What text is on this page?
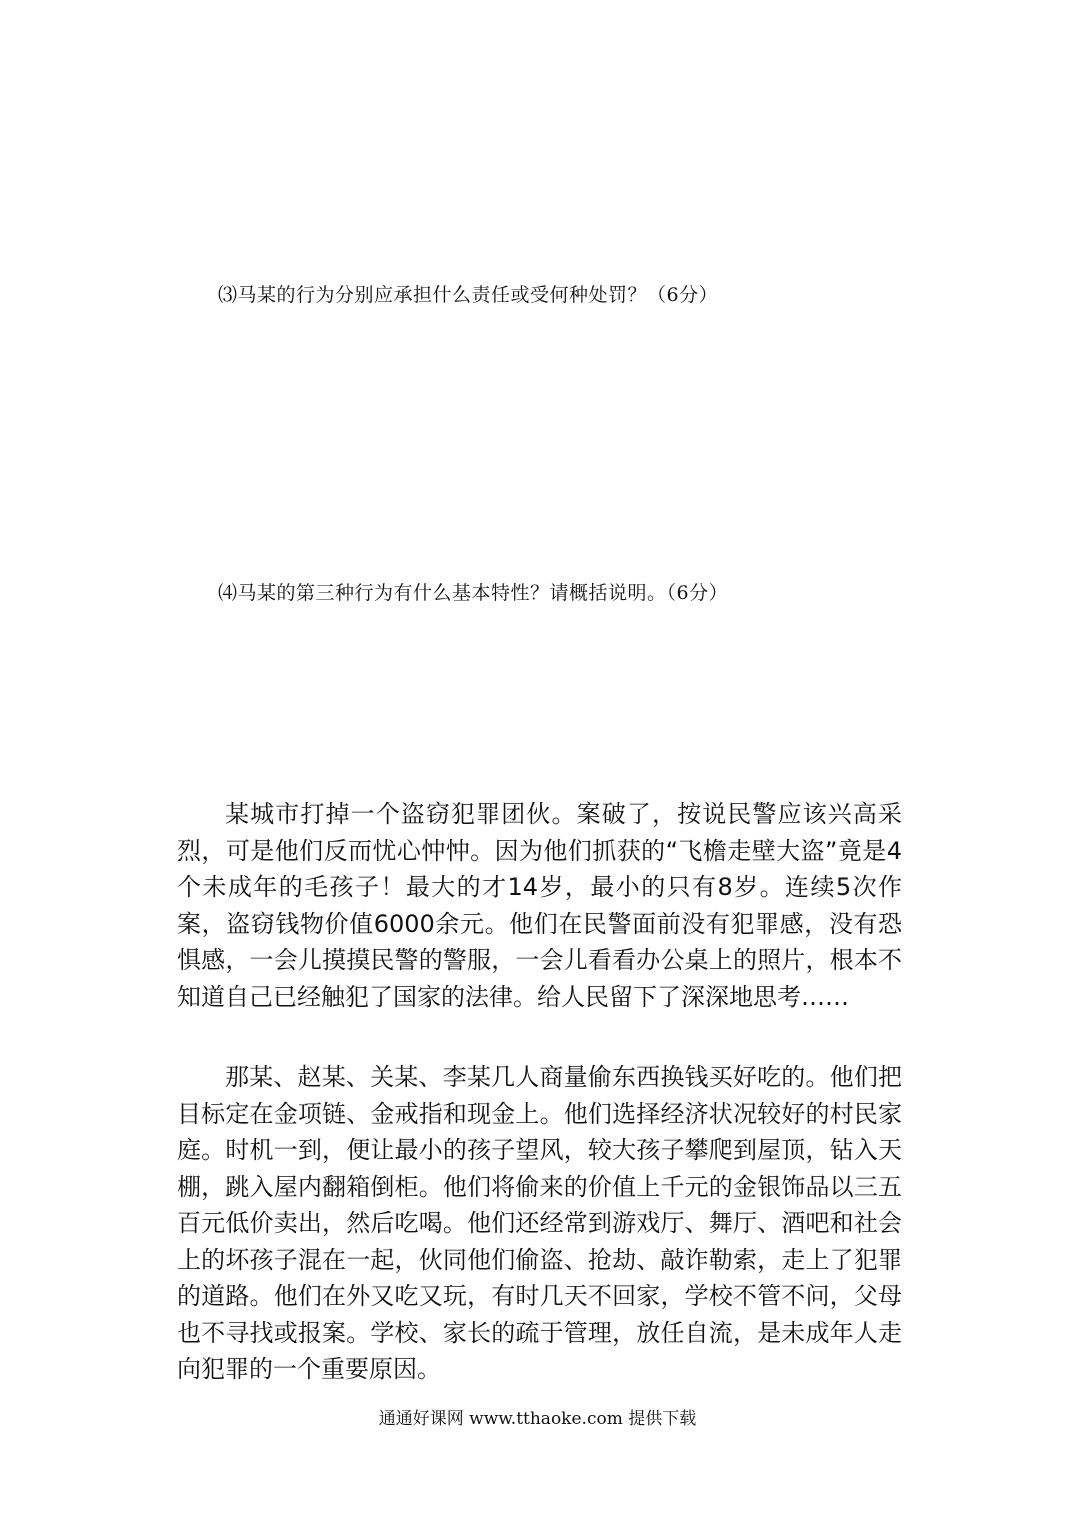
⑶马某的行为分别应承担什么责任或受何种处罚？（6分）

⑷马某的第三种行为有什么基本特性？请概括说明。（6分）

某城市打掉一个盗窃犯罪团伙。案破了，按说民警应该兴高采烈，可是他们反而忧心忡忡。因为他们抓获的“飞檐走壁大盗”竟是4个未成年的毛孩子！最大的才14岁，最小的只有8岁。连续5次作案，盗窃钱物价值6000余元。他们在民警面前没有犯罪感，没有恐惧感，一会儿摸摸民警的警服，一会儿看看办公桌上的照片，根本不知道自己已经触犯了国家的法律。给人民留下了深深地思考……

那某、赵某、关某、李某几人商量偷东西换钱买好吃的。他们把目标定在金项链、金戒指和现金上。他们选择经济状况较好的村民家庭。时机一到，便让最小的孩子望风，较大孩子攀爬到屋顶，钻入天棚，跳入屋内翻箱倒柜。他们将偷来的价值上千元的金银饰品以三五百元低价卖出，然后吃喝。他们还经常到游戏厅、舞厅、酒吧和社会上的坏孩子混在一起，伙同他们偷盗、抢劫、敲诈勒索，走上了犯罪的道路。他们在外又吃又玩，有时几天不回家，学校不管不问，父母也不寻找或报案。学校、家长的疏于管理，放任自流，是未成年人走向犯罪的一个重要原因。

通通好课网 www.tthaoke.com 提供下载
